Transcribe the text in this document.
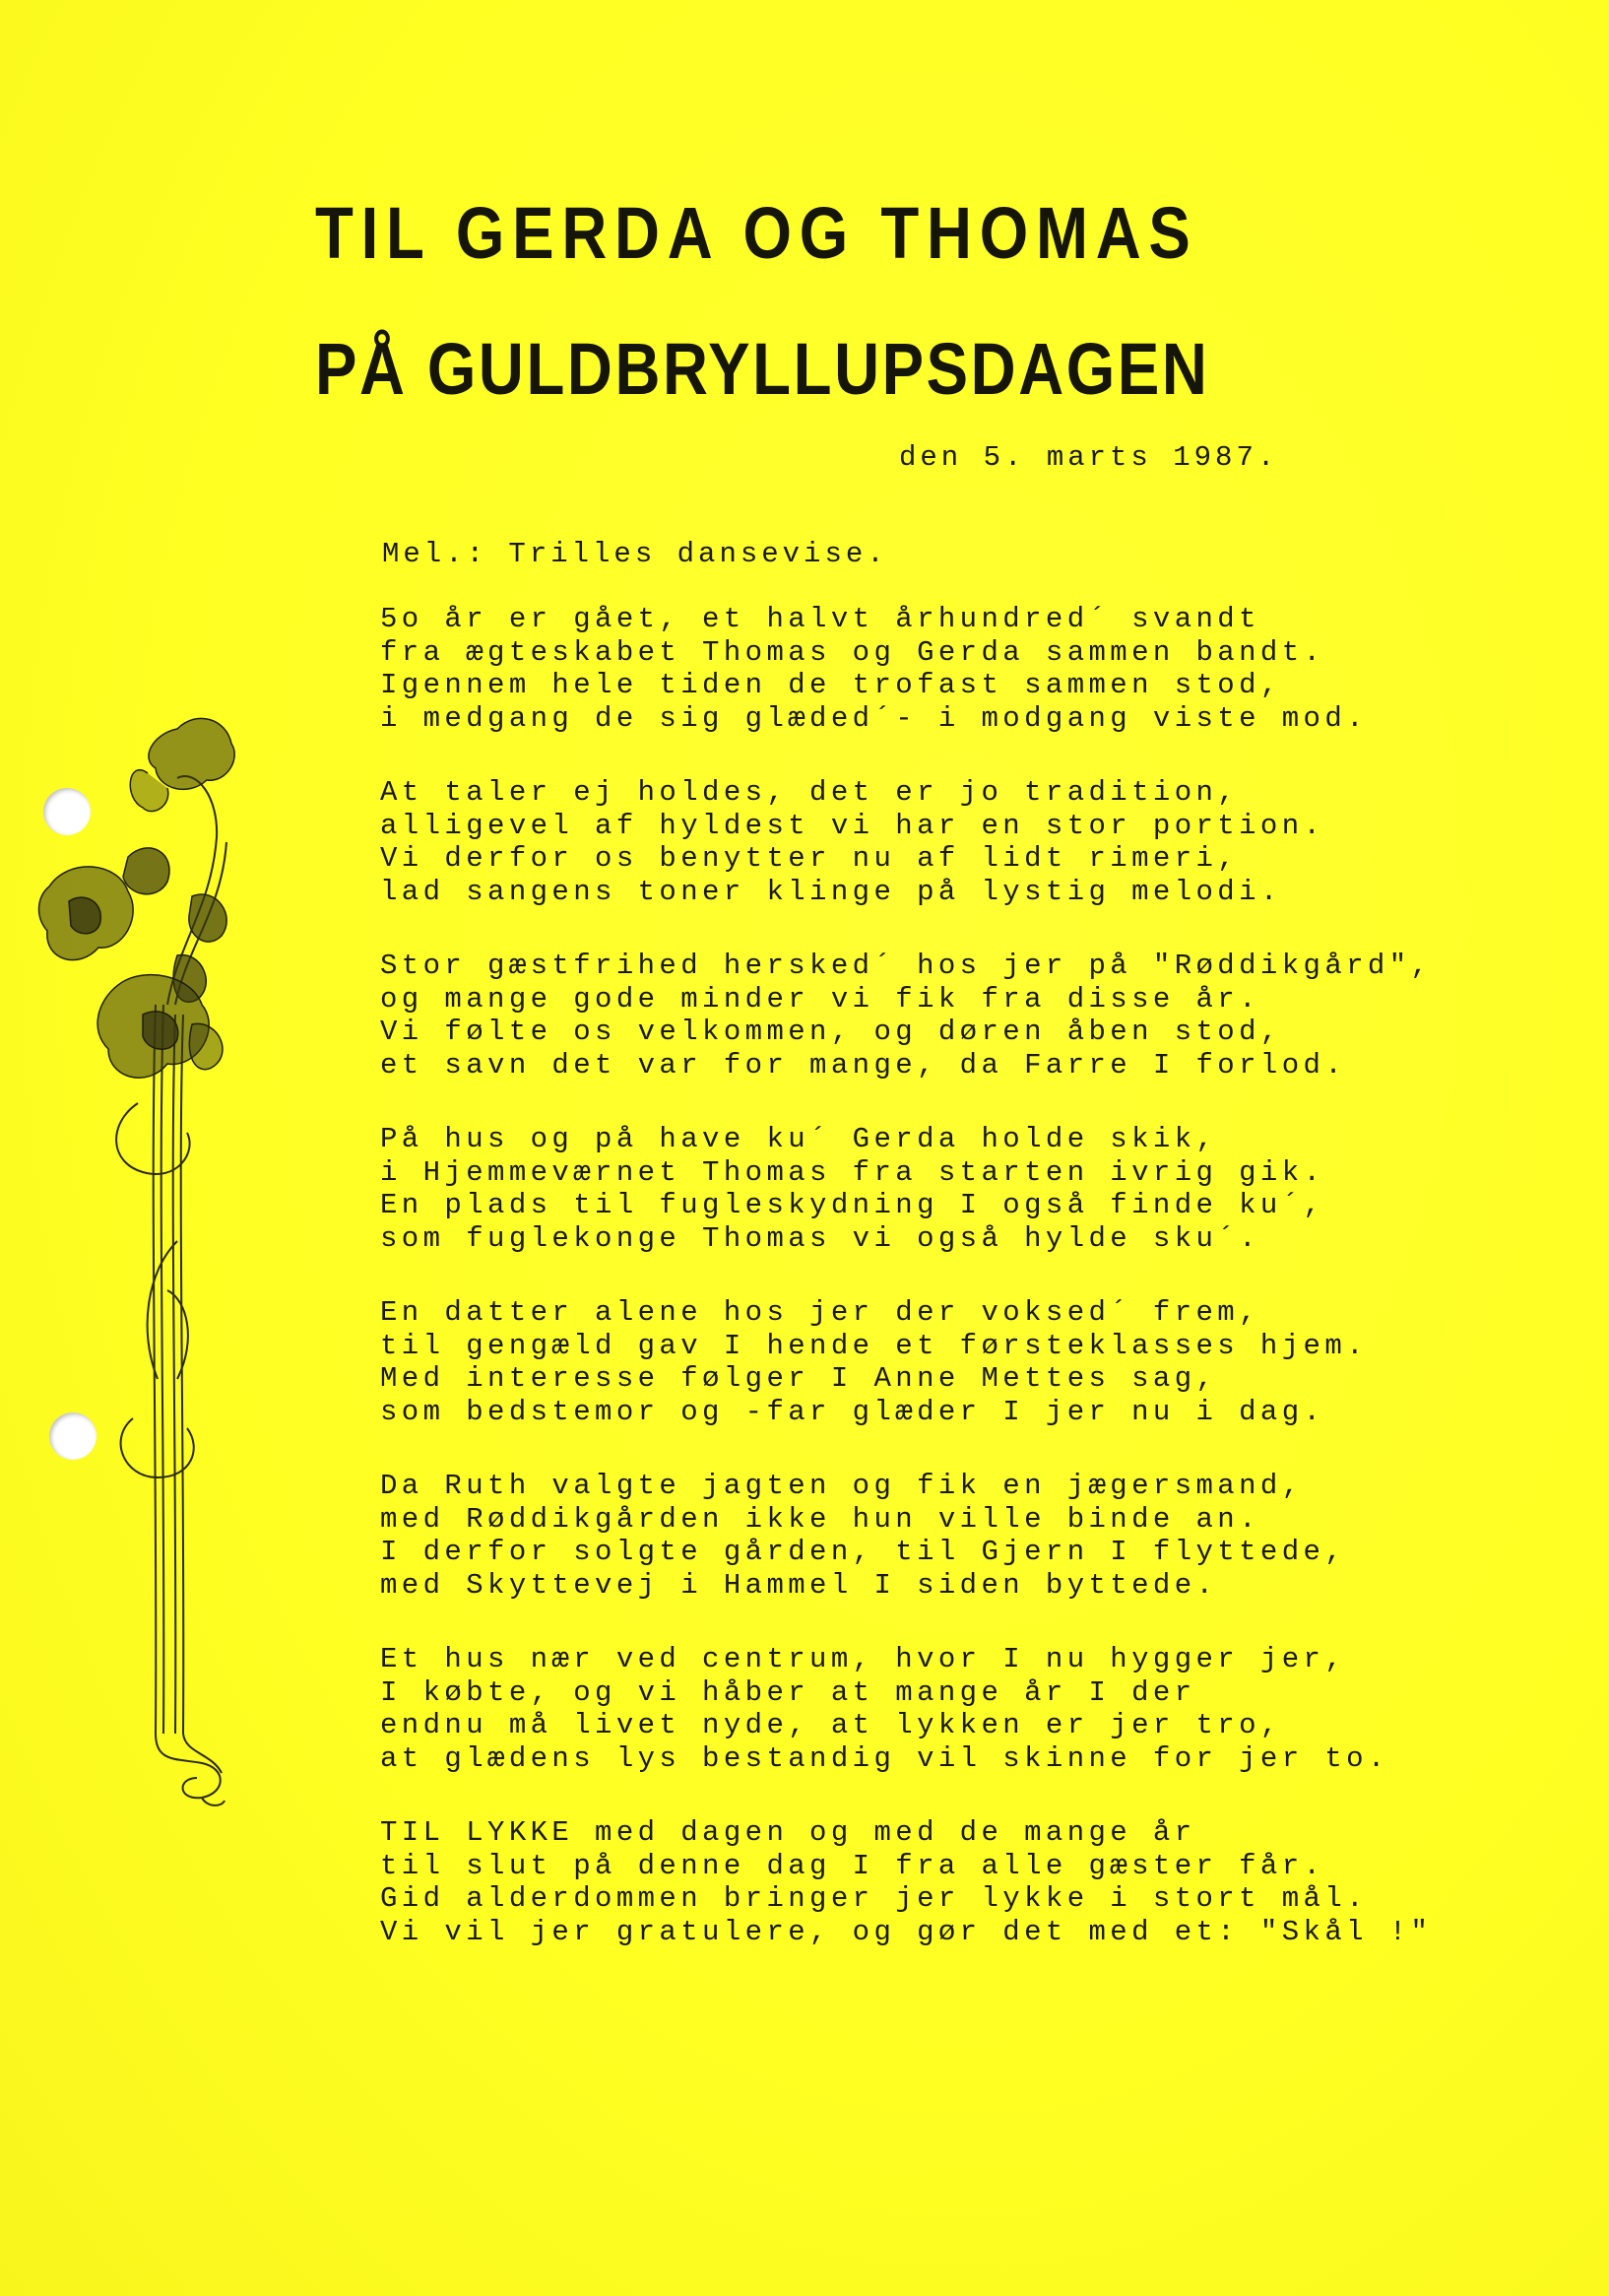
TIL GERDA OG THOMAS
PÅ GULDBRYLLUPSDAGEN
den 5. marts 1987.
Mel.: Trilles dansevise.
5o år er gået, et halvt århundred´ svandt
fra ægteskabet Thomas og Gerda sammen bandt.
Igennem hele tiden de trofast sammen stod,
i medgang de sig glæded´- i modgang viste mod.
At taler ej holdes, det er jo tradition,
alligevel af hyldest vi har en stor portion.
Vi derfor os benytter nu af lidt rimeri,
lad sangens toner klinge på lystig melodi.
Stor gæstfrihed hersked´ hos jer på "Røddikgård",
og mange gode minder vi fik fra disse år.
Vi følte os velkommen, og døren åben stod,
et savn det var for mange, da Farre I forlod.
På hus og på have ku´ Gerda holde skik,
i Hjemmeværnet Thomas fra starten ivrig gik.
En plads til fugleskydning I også finde ku´,
som fuglekonge Thomas vi også hylde sku´.
En datter alene hos jer der voksed´ frem,
til gengæld gav I hende et førsteklasses hjem.
Med interesse følger I Anne Mettes sag,
som bedstemor og -far glæder I jer nu i dag.
Da Ruth valgte jagten og fik en jægersmand,
med Røddikgården ikke hun ville binde an.
I derfor solgte gården, til Gjern I flyttede,
med Skyttevej i Hammel I siden byttede.
Et hus nær ved centrum, hvor I nu hygger jer,
I købte, og vi håber at mange år I der
endnu må livet nyde, at lykken er jer tro,
at glædens lys bestandig vil skinne for jer to.
TIL LYKKE med dagen og med de mange år
til slut på denne dag I fra alle gæster får.
Gid alderdommen bringer jer lykke i stort mål.
Vi vil jer gratulere, og gør det med et: "Skål !"
